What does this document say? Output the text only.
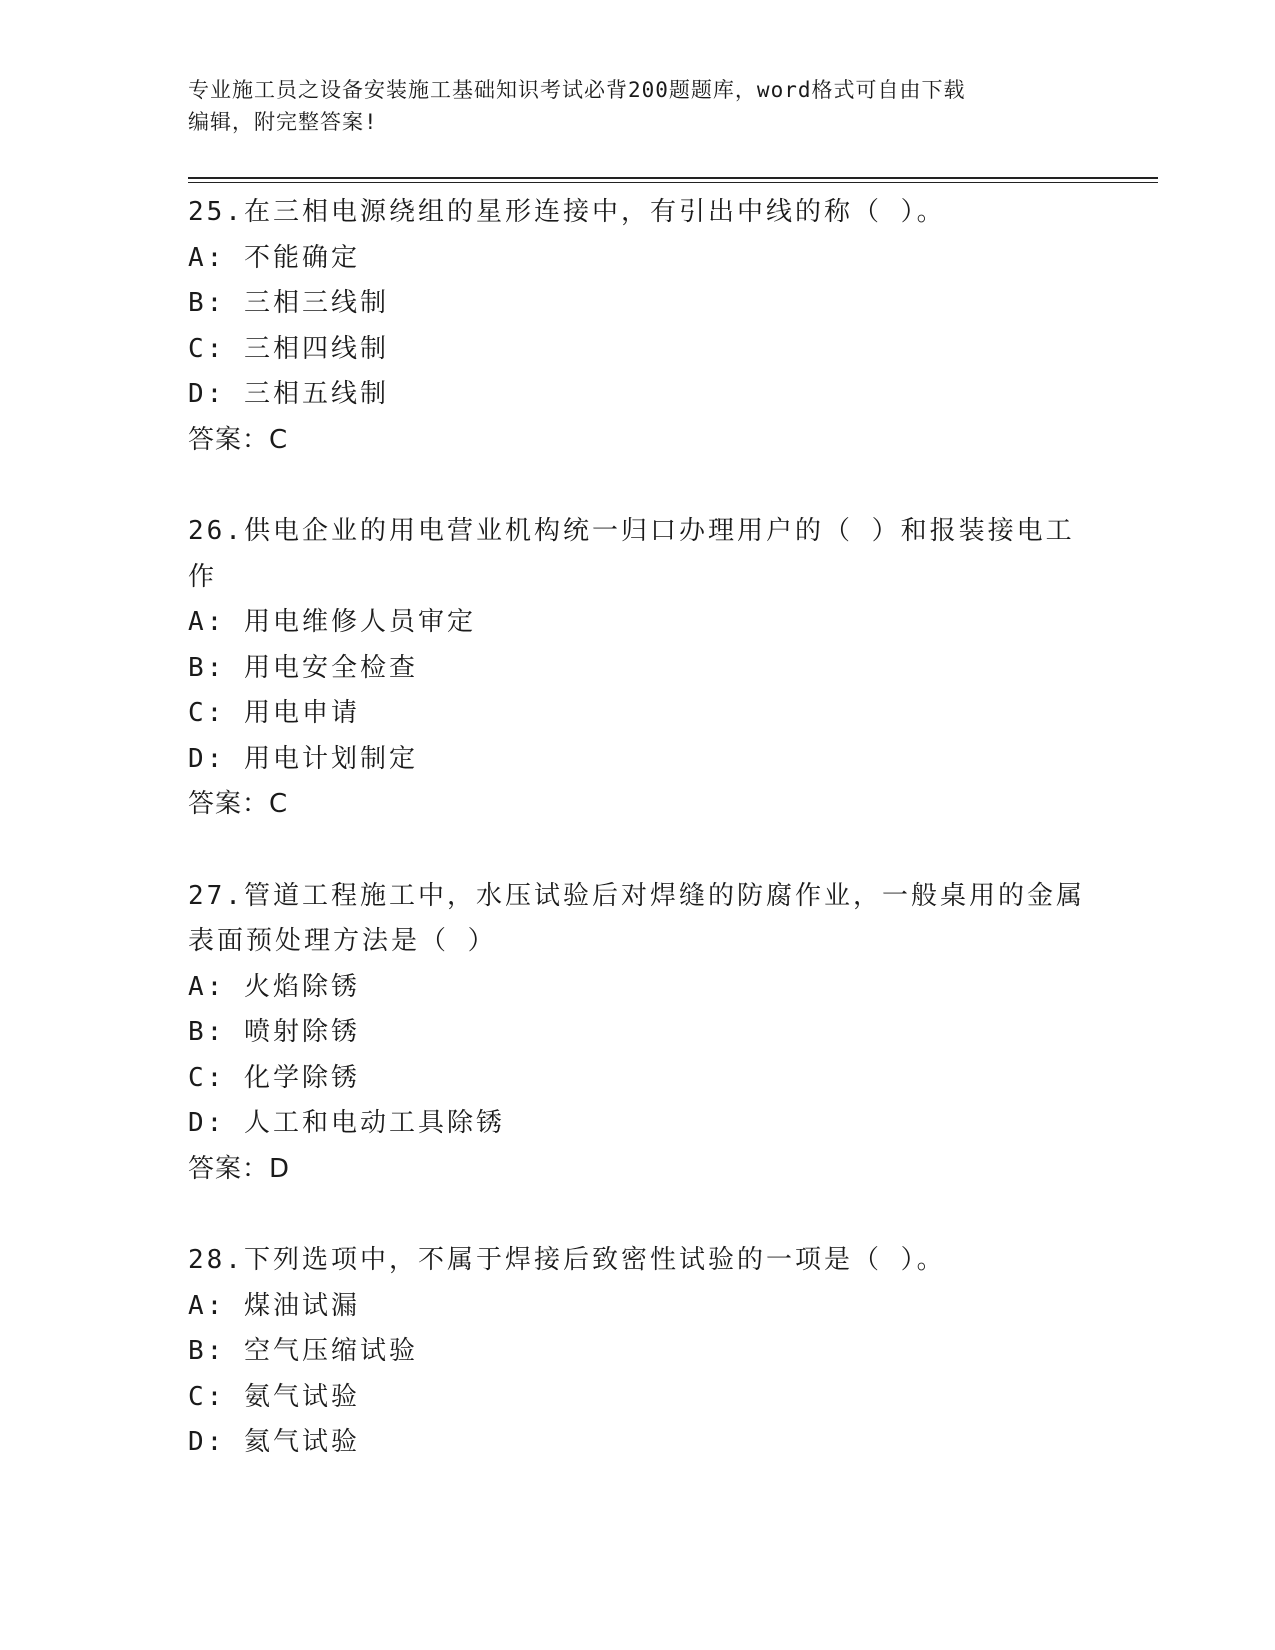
专业施工员之设备安装施工基础知识考试必背200题题库，word格式可自由下载
编辑，附完整答案!
25.在三相电源绕组的星形连接中，有引出中线的称（ ）。
A: 不能确定
B: 三相三线制
C: 三相四线制
D: 三相五线制
答案：C
26.供电企业的用电营业机构统一归口办理用户的（ ）和报装接电工作
A: 用电维修人员审定
B: 用电安全检查
C: 用电申请
D: 用电计划制定
答案：C
27.管道工程施工中，水压试验后对焊缝的防腐作业，一般桌用的金属表面预处理方法是（ ）
A: 火焰除锈
B: 喷射除锈
C: 化学除锈
D: 人工和电动工具除锈
答案：D
28.下列选项中，不属于焊接后致密性试验的一项是（ ）。
A: 煤油试漏
B: 空气压缩试验
C: 氨气试验
D: 氦气试验
